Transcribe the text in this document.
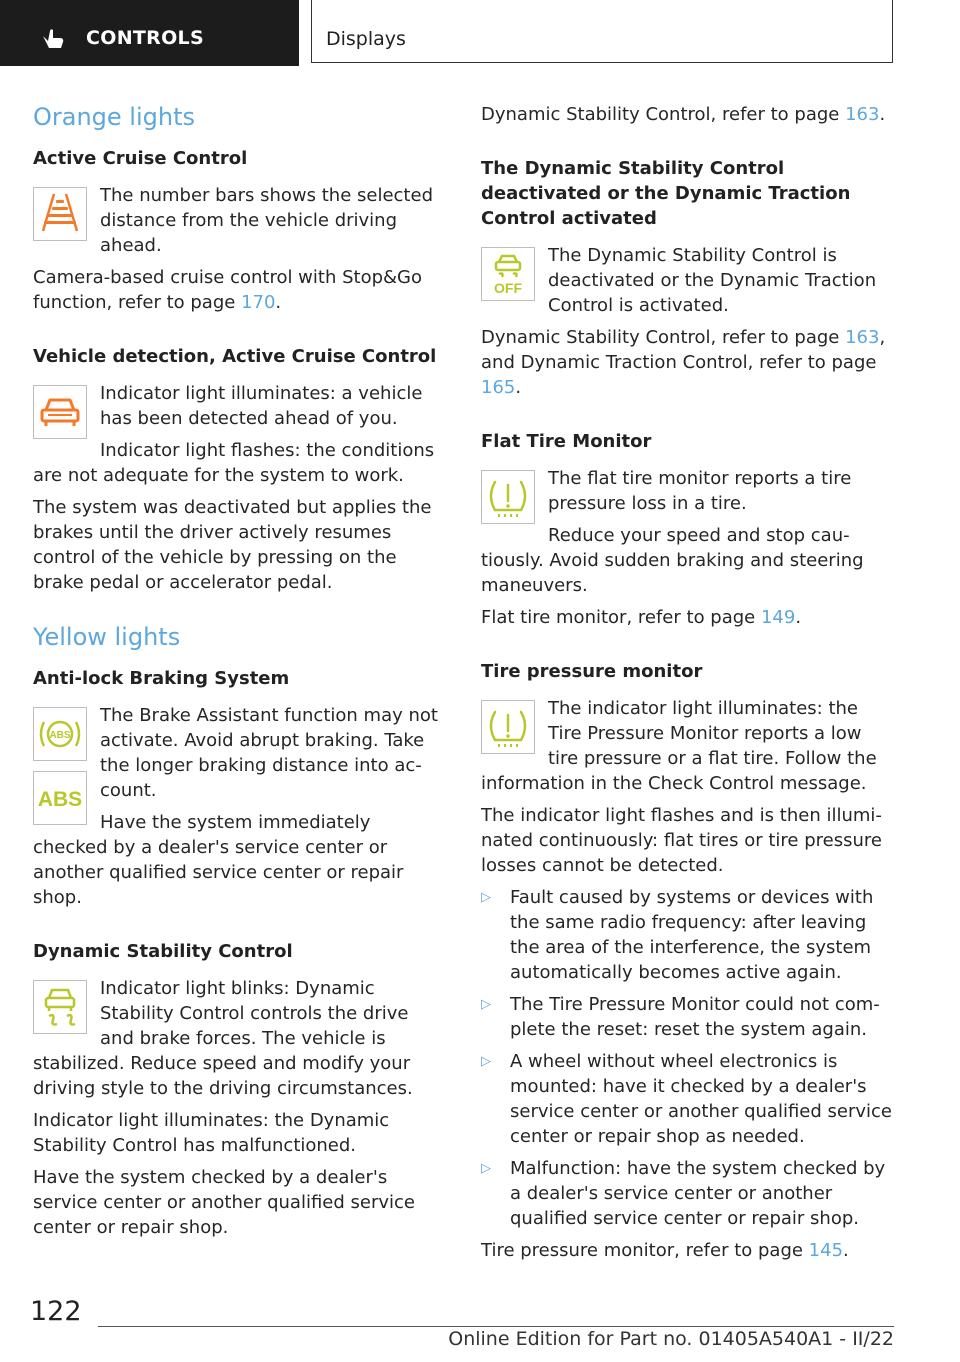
CONTROLS	Displays
Orange lights
Active Cruise Control

The number bars shows the selected distance from the vehicle driving ahead.

Camera-based cruise control with Stop&Go function, refer to page 170.

Vehicle detection, Active Cruise Control

Indicator light illuminates: a vehicle has been detected ahead of you.

Indicator light flashes: the conditions are not adequate for the system to work.

The system was deactivated but applies the brakes until the driver actively resumes control of the vehicle by pressing on the brake pedal or accelerator pedal.

Yellow lights
Anti-lock Braking System
ABS
ABS

The Brake Assistant function may not activate. Avoid abrupt braking. Take the longer braking distance into account.

Have the system immediately checked by a dealer's service center or another qualified service center or repair shop.

Dynamic Stability Control

Indicator light blinks: Dynamic Stability Control controls the drive and brake forces. The vehicle is stabilized. Reduce speed and modify your driving style to the driving circumstances.

Indicator light illuminates: the Dynamic Stability Control has malfunctioned.

Have the system checked by a dealer's service center or another qualified service center or repair shop.

Dynamic Stability Control, refer to page 163.

The Dynamic Stability Control deactivated or the Dynamic Traction Control activated
OFF

The Dynamic Stability Control is deactivated or the Dynamic Traction Control is activated.

Dynamic Stability Control, refer to page 163, and Dynamic Traction Control, refer to page 165.

Flat Tire Monitor

The flat tire monitor reports a tire pressure loss in a tire.

Reduce your speed and stop cautiously. Avoid sudden braking and steering maneuvers.

Flat tire monitor, refer to page 149.

Tire pressure monitor

The indicator light illuminates: the Tire Pressure Monitor reports a low tire pressure or a flat tire. Follow the information in the Check Control message.

The indicator light flashes and is then illuminated continuously: flat tires or tire pressure losses cannot be detected.

▷ Fault caused by systems or devices with the same radio frequency: after leaving the area of the interference, the system automatically becomes active again.
▷ The Tire Pressure Monitor could not complete the reset: reset the system again.
▷ A wheel without wheel electronics is mounted: have it checked by a dealer's service center or another qualified service center or repair shop as needed.
▷ Malfunction: have the system checked by a dealer's service center or another qualified service center or repair shop.

Tire pressure monitor, refer to page 145.

122
Online Edition for Part no. 01405A540A1 - II/22
